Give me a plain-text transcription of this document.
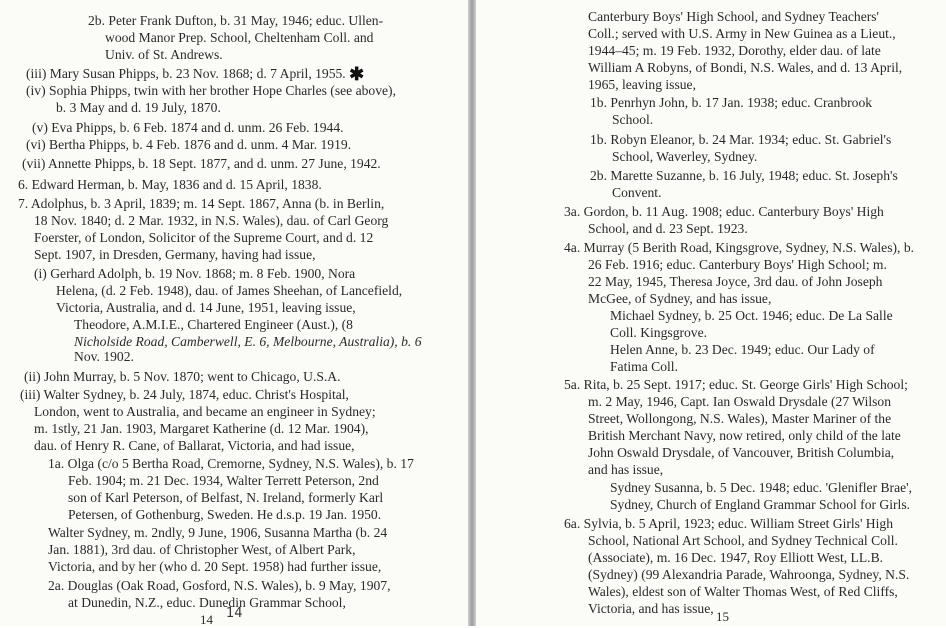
2b. Peter Frank Dufton, b. 31 May, 1946; educ. Ullen-
wood Manor Prep. School, Cheltenham Coll. and
Univ. of St. Andrews.
(iii) Mary Susan Phipps, b. 23 Nov. 1868; d. 7 April, 1955. ✱
(iv) Sophia Phipps, twin with her brother Hope Charles (see above),
b. 3 May and d. 19 July, 1870.
(v) Eva Phipps, b. 6 Feb. 1874 and d. unm. 26 Feb. 1944.
(vi) Bertha Phipps, b. 4 Feb. 1876 and d. unm. 4 Mar. 1919.
(vii) Annette Phipps, b. 18 Sept. 1877, and d. unm. 27 June, 1942.
6. Edward Herman, b. May, 1836 and d. 15 April, 1838.
7. Adolphus, b. 3 April, 1839; m. 14 Sept. 1867, Anna (b. in Berlin,
18 Nov. 1840; d. 2 Mar. 1932, in N.S. Wales), dau. of Carl Georg
Foerster, of London, Solicitor of the Supreme Court, and d. 12
Sept. 1907, in Dresden, Germany, having had issue,
(i) Gerhard Adolph, b. 19 Nov. 1868; m. 8 Feb. 1900, Nora
Helena, (d. 2 Feb. 1948), dau. of James Sheehan, of Lancefield,
Victoria, Australia, and d. 14 June, 1951, leaving issue,
Theodore, A.M.I.E., Chartered Engineer (Aust.), (8
Nicholside Road, Camberwell, E. 6, Melbourne, Australia), b. 6
Nov. 1902.
(ii) John Murray, b. 5 Nov. 1870; went to Chicago, U.S.A.
(iii) Walter Sydney, b. 24 July, 1874, educ. Christ's Hospital,
London, went to Australia, and became an engineer in Sydney;
m. 1stly, 21 Jan. 1903, Margaret Katherine (d. 12 Mar. 1904),
dau. of Henry R. Cane, of Ballarat, Victoria, and had issue,
1a. Olga (c/o 5 Bertha Road, Cremorne, Sydney, N.S. Wales), b. 17
Feb. 1904; m. 21 Dec. 1934, Walter Terrett Peterson, 2nd
son of Karl Peterson, of Belfast, N. Ireland, formerly Karl
Petersen, of Gothenburg, Sweden. He d.s.p. 19 Jan. 1950.
Walter Sydney, m. 2ndly, 9 June, 1906, Susanna Martha (b. 24
Jan. 1881), 3rd dau. of Christopher West, of Albert Park,
Victoria, and by her (who d. 20 Sept. 1958) had further issue,
2a. Douglas (Oak Road, Gosford, N.S. Wales), b. 9 May, 1907,
at Dunedin, N.Z., educ. Dunedin Grammar School,
14 14
Canterbury Boys' High School, and Sydney Teachers'
Coll.; served with U.S. Army in New Guinea as a Lieut.,
1944–45; m. 19 Feb. 1932, Dorothy, elder dau. of late
William A Robyns, of Bondi, N.S. Wales, and d. 13 April,
1965, leaving issue,
1b. Penrhyn John, b. 17 Jan. 1938; educ. Cranbrook
School.
1b. Robyn Eleanor, b. 24 Mar. 1934; educ. St. Gabriel's
School, Waverley, Sydney.
2b. Marette Suzanne, b. 16 July, 1948; educ. St. Joseph's
Convent.
3a. Gordon, b. 11 Aug. 1908; educ. Canterbury Boys' High
School, and d. 23 Sept. 1923.
4a. Murray (5 Berith Road, Kingsgrove, Sydney, N.S. Wales), b.
26 Feb. 1916; educ. Canterbury Boys' High School; m.
22 May, 1945, Theresa Joyce, 3rd dau. of John Joseph
McGee, of Sydney, and has issue,
Michael Sydney, b. 25 Oct. 1946; educ. De La Salle
Coll. Kingsgrove.
Helen Anne, b. 23 Dec. 1949; educ. Our Lady of
Fatima Coll.
5a. Rita, b. 25 Sept. 1917; educ. St. George Girls' High School;
m. 2 May, 1946, Capt. Ian Oswald Drysdale (27 Wilson
Street, Wollongong, N.S. Wales), Master Mariner of the
British Merchant Navy, now retired, only child of the late
John Oswald Drysdale, of Vancouver, British Columbia,
and has issue,
Sydney Susanna, b. 5 Dec. 1948; educ. 'Glenifler Brae',
Sydney, Church of England Grammar School for Girls.
6a. Sylvia, b. 5 April, 1923; educ. William Street Girls' High
School, National Art School, and Sydney Technical Coll.
(Associate), m. 16 Dec. 1947, Roy Elliott West, LL.B.
(Sydney) (99 Alexandria Parade, Wahroonga, Sydney, N.S.
Wales), eldest son of Walter Thomas West, of Red Cliffs,
Victoria, and has issue,
15
